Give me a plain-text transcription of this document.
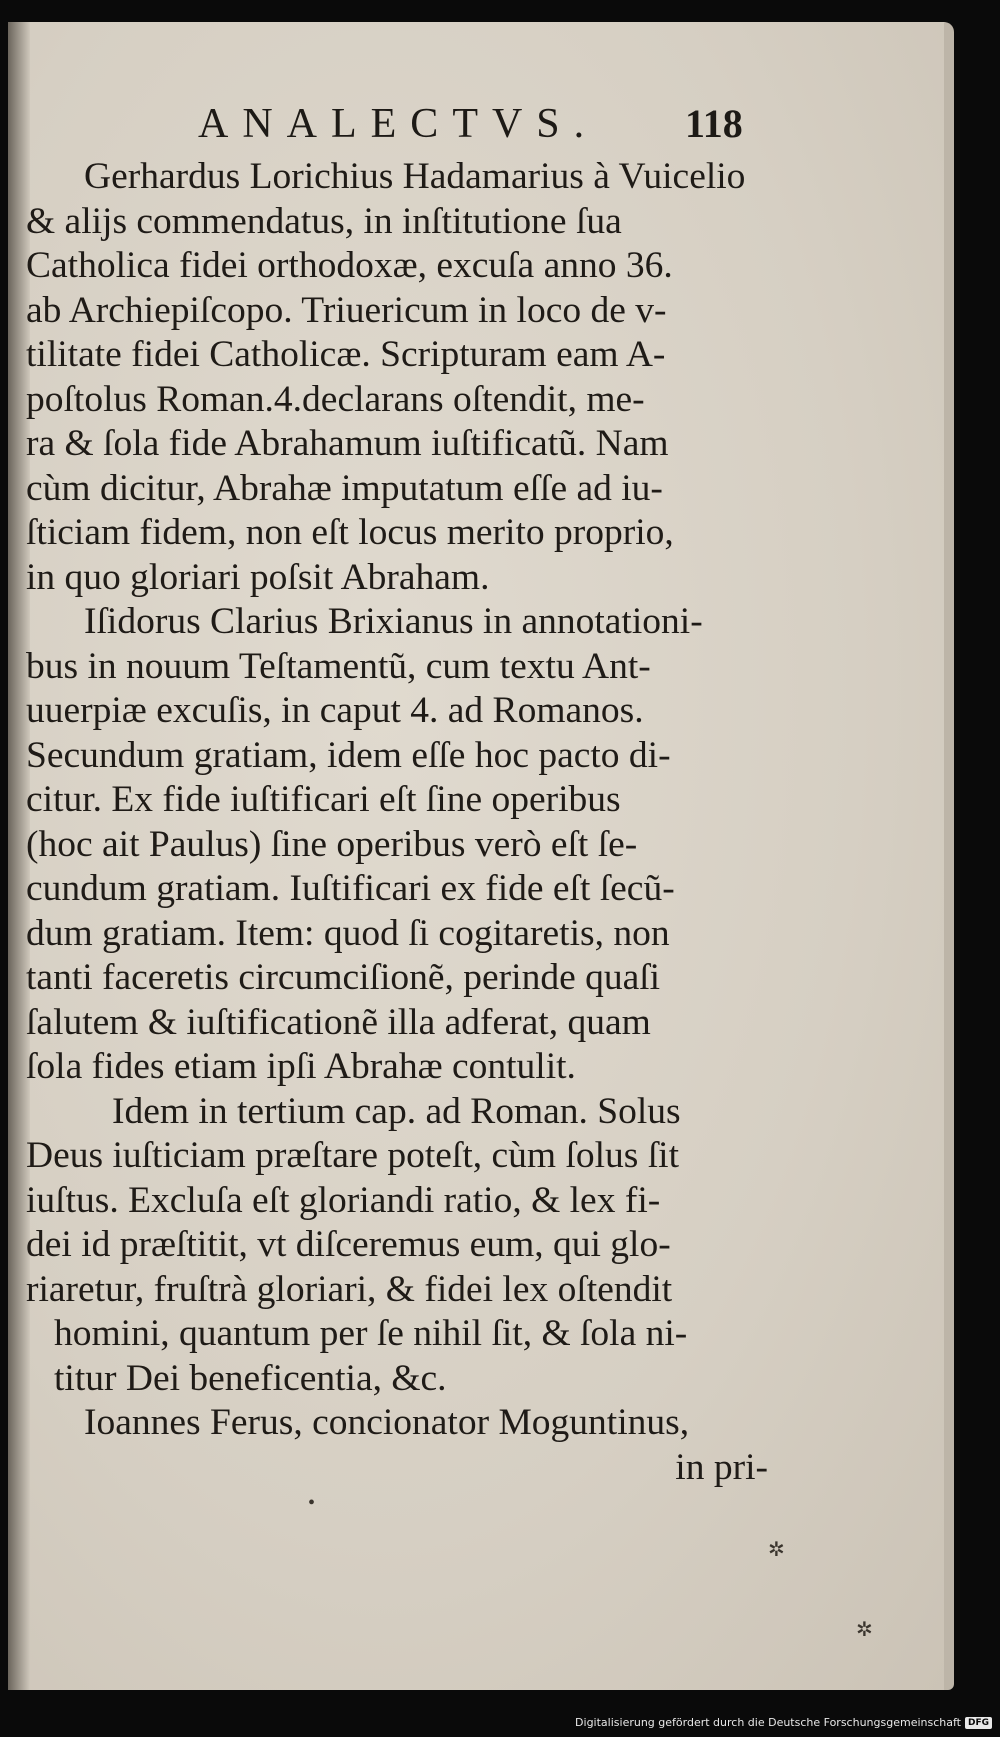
ANALECTVS. 118
Gerhardus Lorichius Hadamarius à Vuicelio
& alijs commendatus, in inſtitutione ſua
Catholica fidei orthodoxæ, excuſa anno 36.
ab Archiepiſcopo. Triuericum in loco de v-
tilitate fidei Catholicæ. Scripturam eam A-
poſtolus Roman.4.declarans oſtendit, me-
ra & ſola fide Abrahamum iuſtificatũ. Nam
cùm dicitur, Abrahæ imputatum eſſe ad iu-
ſticiam fidem, non eſt locus merito proprio,
in quo gloriari poſsit Abraham.
Iſidorus Clarius Brixianus in annotationi-
bus in nouum Teſtamentũ, cum textu Ant-
uuerpiæ excuſis, in caput 4. ad Romanos.
Secundum gratiam, idem eſſe hoc pacto di-
citur. Ex fide iuſtificari eſt ſine operibus
(hoc ait Paulus) ſine operibus verò eſt ſe-
cundum gratiam. Iuſtificari ex fide eſt ſecũ-
dum gratiam. Item: quod ſi cogitaretis, non
tanti faceretis circumciſionẽ, perinde quaſi
ſalutem & iuſtificationẽ illa adferat, quam
ſola fides etiam ipſi Abrahæ contulit.
Idem in tertium cap. ad Roman. Solus
Deus iuſticiam præſtare poteſt, cùm ſolus ſit
iuſtus. Excluſa eſt gloriandi ratio, & lex fi-
dei id præſtitit, vt diſceremus eum, qui glo-
riaretur, fruſtrà gloriari, & fidei lex oſtendit
homini, quantum per ſe nihil ſit, & ſola ni-
titur Dei beneficentia, &c.
Ioannes Ferus, concionator Moguntinus,
in pri-
•
✲
✲
Digitalisierung gefördert durch die Deutsche Forschungsgemeinschaft DFG
